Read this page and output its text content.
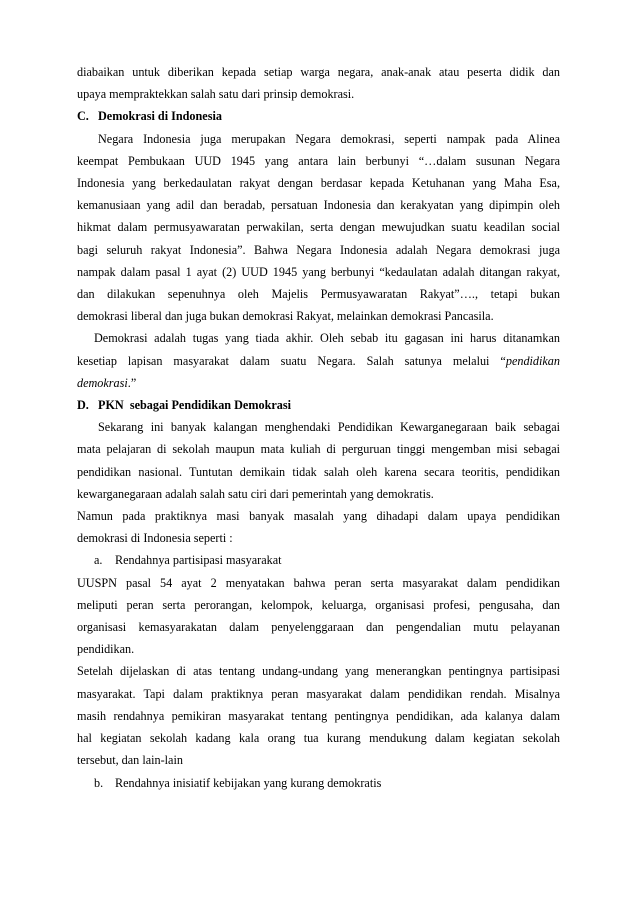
diabaikan untuk diberikan kepada setiap warga negara, anak-anak atau peserta didik dan
upaya mempraktekkan salah satu dari prinsip demokrasi.
C. Demokrasi di Indonesia
Negara Indonesia juga merupakan Negara demokrasi, seperti nampak pada Alinea
keempat Pembukaan UUD 1945 yang antara lain berbunyi “…dalam susunan Negara
Indonesia yang berkedaulatan rakyat dengan berdasar kepada Ketuhanan yang Maha Esa,
kemanusiaan yang adil dan beradab, persatuan Indonesia dan kerakyatan yang dipimpin oleh
hikmat dalam permusyawaratan perwakilan, serta dengan mewujudkan suatu keadilan social
bagi seluruh rakyat Indonesia”. Bahwa Negara Indonesia adalah Negara demokrasi juga
nampak dalam pasal 1 ayat (2) UUD 1945 yang berbunyi “kedaulatan adalah ditangan rakyat,
dan dilakukan sepenuhnya oleh Majelis Permusyawaratan Rakyat”…., tetapi bukan
demokrasi liberal dan juga bukan demokrasi Rakyat, melainkan demokrasi Pancasila.
Demokrasi adalah tugas yang tiada akhir. Oleh sebab itu gagasan ini harus ditanamkan
kesetiap lapisan masyarakat dalam suatu Negara. Salah satunya melalui “pendidikan
demokrasi.”
D. PKN  sebagai Pendidikan Demokrasi
Sekarang ini banyak kalangan menghendaki Pendidikan Kewarganegaraan baik sebagai
mata pelajaran di sekolah maupun mata kuliah di perguruan tinggi mengemban misi sebagai
pendidikan nasional. Tuntutan demikain tidak salah oleh karena secara teoritis, pendidikan
kewarganegaraan adalah salah satu ciri dari pemerintah yang demokratis.
Namun pada praktiknya masi banyak masalah yang dihadapi dalam upaya pendidikan
demokrasi di Indonesia seperti :
a. Rendahnya partisipasi masyarakat
UUSPN pasal 54 ayat 2 menyatakan bahwa peran serta masyarakat dalam pendidikan
meliputi peran serta perorangan, kelompok, keluarga, organisasi profesi, pengusaha, dan
organisasi kemasyarakatan dalam penyelenggaraan dan pengendalian mutu pelayanan
pendidikan.
Setelah dijelaskan di atas tentang undang-undang yang menerangkan pentingnya partisipasi
masyarakat. Tapi dalam praktiknya peran masyarakat dalam pendidikan rendah. Misalnya
masih rendahnya pemikiran masyarakat tentang pentingnya pendidikan, ada kalanya dalam
hal kegiatan sekolah kadang kala orang tua kurang mendukung dalam kegiatan sekolah
tersebut, dan lain-lain
b. Rendahnya inisiatif kebijakan yang kurang demokratis
